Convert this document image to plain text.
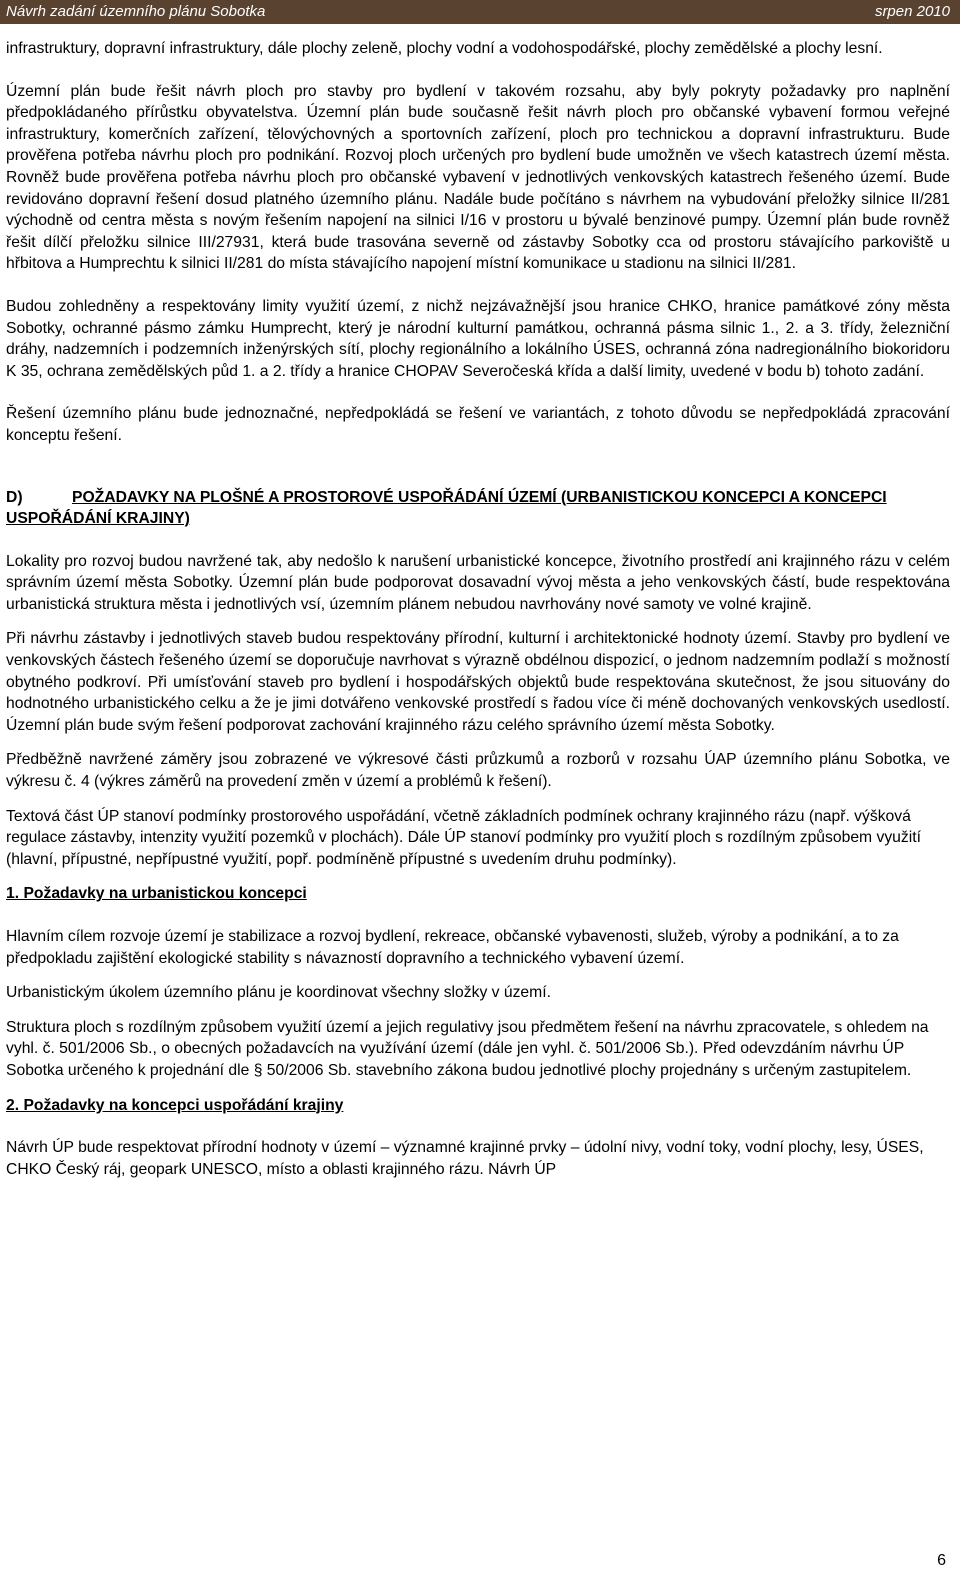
Návrh zadání územního plánu Sobotka	srpen 2010

infrastruktury, dopravní infrastruktury, dále plochy zeleně, plochy vodní a vodohospodářské, plochy zemědělské a plochy lesní.

Územní plán bude řešit návrh ploch pro stavby pro bydlení v takovém rozsahu, aby byly pokryty požadavky pro naplnění předpokládaného přírůstku obyvatelstva. Územní plán bude současně řešit návrh ploch pro občanské vybavení formou veřejné infrastruktury, komerčních zařízení, tělovýchovných a sportovních zařízení, ploch pro technickou a dopravní infrastrukturu. Bude prověřena potřeba návrhu ploch pro podnikání. Rozvoj ploch určených pro bydlení bude umožněn ve všech katastrech území města. Rovněž bude prověřena potřeba návrhu ploch pro občanské vybavení v jednotlivých venkovských katastrech řešeného území. Bude revidováno dopravní řešení dosud platného územního plánu. Nadále bude počítáno s návrhem na vybudování přeložky silnice II/281 východně od centra města s novým řešením napojení na silnici I/16 v prostoru u bývalé benzinové pumpy. Územní plán bude rovněž řešit dílčí přeložku silnice III/27931, která bude trasována severně od zástavby Sobotky cca od prostoru stávajícího parkoviště u hřbitova a Humprechtu k silnici II/281 do místa stávajícího napojení místní komunikace u stadionu na silnici II/281.

Budou zohledněny a respektovány limity využití území, z nichž nejzávažnější jsou hranice CHKO, hranice památkové zóny města Sobotky, ochranné pásmo zámku Humprecht, který je národní kulturní památkou, ochranná pásma silnic 1., 2. a 3. třídy, železniční dráhy, nadzemních i podzemních inženýrských sítí, plochy regionálního a lokálního ÚSES, ochranná zóna nadregionálního biokoridoru K 35, ochrana zemědělských půd 1. a 2. třídy a hranice CHOPAV Severočeská křída a další limity, uvedené v bodu b) tohoto zadání.

Řešení územního plánu bude jednoznačné, nepředpokládá se řešení ve variantách, z tohoto důvodu se nepředpokládá zpracování konceptu řešení.

D)	POŽADAVKY NA PLOŠNÉ A PROSTOROVÉ USPOŘÁDÁNÍ ÚZEMÍ (URBANISTICKOU KONCEPCI A KONCEPCI USPOŘÁDÁNÍ KRAJINY)

Lokality pro rozvoj budou navržené tak, aby nedošlo k narušení urbanistické koncepce, životního prostředí ani krajinného rázu v celém správním území města Sobotky. Územní plán bude podporovat dosavadní vývoj města a jeho venkovských částí, bude respektována urbanistická struktura města i jednotlivých vsí, územním plánem nebudou navrhovány nové samoty ve volné krajině.

Při návrhu zástavby i jednotlivých staveb budou respektovány přírodní, kulturní i architektonické hodnoty území. Stavby pro bydlení ve venkovských částech řešeného území se doporučuje navrhovat s výrazně obdélnou dispozicí, o jednom nadzemním podlaží s možností obytného podkroví. Při umísťování staveb pro bydlení i hospodářských objektů bude respektována skutečnost, že jsou situovány do hodnotného urbanistického celku a že je jimi dotvářeno venkovské prostředí s řadou více či méně dochovaných venkovských usedlostí. Územní plán bude svým řešení podporovat zachování krajinného rázu celého správního území města Sobotky.

Předběžně navržené záměry jsou zobrazené ve výkresové části průzkumů a rozborů v rozsahu ÚAP územního plánu Sobotka, ve výkresu č. 4 (výkres záměrů na provedení změn v území a problémů k řešení).

Textová část ÚP stanoví podmínky prostorového uspořádání, včetně základních podmínek ochrany krajinného rázu (např. výšková regulace zástavby, intenzity využití pozemků v plochách). Dále ÚP stanoví podmínky pro využití ploch s rozdílným způsobem využití (hlavní, přípustné, nepřípustné využití, popř. podmíněně přípustné s uvedením druhu podmínky).

1. Požadavky na urbanistickou koncepci

Hlavním cílem rozvoje území je stabilizace a rozvoj bydlení, rekreace, občanské vybavenosti, služeb, výroby a podnikání, a to za předpokladu zajištění ekologické stability s návazností dopravního a technického vybavení území.

Urbanistickým úkolem územního plánu je koordinovat všechny složky v území.

Struktura ploch s rozdílným způsobem využití území a jejich regulativy jsou předmětem řešení na návrhu zpracovatele, s ohledem na vyhl. č. 501/2006 Sb., o obecných požadavcích na využívání území (dále jen vyhl. č. 501/2006 Sb.). Před odevzdáním návrhu ÚP Sobotka určeného k projednání dle § 50/2006 Sb. stavebního zákona budou jednotlivé plochy projednány s určeným zastupitelem.

2. Požadavky na koncepci uspořádání krajiny

Návrh ÚP bude respektovat přírodní hodnoty v území – významné krajinné prvky – údolní nivy, vodní toky, vodní plochy, lesy, ÚSES, CHKO Český ráj, geopark UNESCO, místo a oblasti krajinného rázu. Návrh ÚP

6
